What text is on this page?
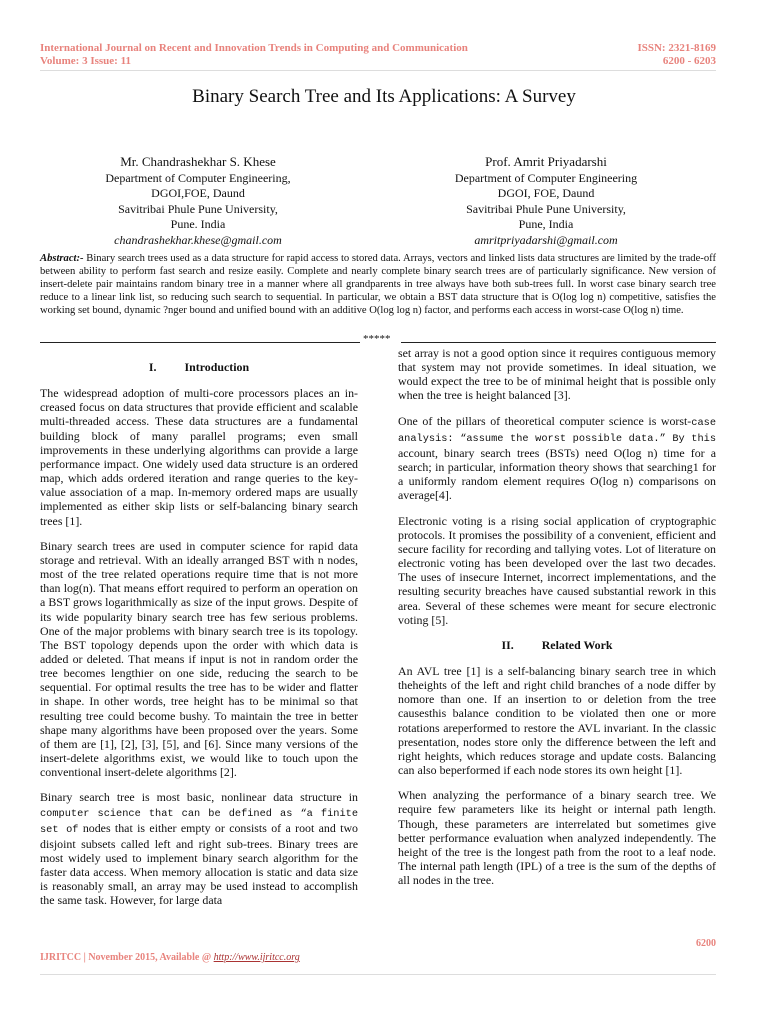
International Journal on Recent and Innovation Trends in Computing and Communication	ISSN: 2321-8169
Volume: 3 Issue: 11	6200 - 6203
Binary Search Tree and Its Applications: A Survey
Mr. Chandrashekhar S. Khese
Department of Computer Engineering,
DGOI,FOE, Daund
Savitribai Phule Pune University,
Pune. India
chandrashekhar.khese@gmail.com
Prof. Amrit Priyadarshi
Department of Computer Engineering
DGOI, FOE, Daund
Savitribai Phule Pune University,
Pune, India
amritpriyadarshi@gmail.com
Abstract:- Binary search trees used as a data structure for rapid access to stored data. Arrays, vectors and linked lists data structures are limited by the trade-off between ability to perform fast search and resize easily. Complete and nearly complete binary search trees are of particularly significance. New version of insert-delete pair maintains random binary tree in a manner where all grandparents in tree always have both sub-trees full. In worst case binary search tree reduce to a linear link list, so reducing such search to sequential. In particular, we obtain a BST data structure that is O(log log n) competitive, satisfies the working set bound, dynamic ?nger bound and unified bound with an additive O(log log n) factor, and performs each access in worst-case O(log n) time.
*****
I. Introduction

The widespread adoption of multi-core processors places an in- creased focus on data structures that provide efficient and scalable multi-threaded access. These data structures are a fundamental building block of many parallel programs; even small improvements in these underlying algorithms can provide a large performance impact. One widely used data structure is an ordered map, which adds ordered iteration and range queries to the key-value association of a map. In-memory ordered maps are usually implemented as either skip lists or self-balancing binary search trees [1].

Binary search trees are used in computer science for rapid data storage and retrieval. With an ideally arranged BST with n nodes, most of the tree related operations require time that is not more than log(n). That means effort required to perform an operation on a BST grows logarithmically as size of the input grows. Despite of its wide popularity binary search tree has few serious problems. One of the major problems with binary search tree is its topology. The BST topology depends upon the order with which data is added or deleted. That means if input is not in random order the tree becomes lengthier on one side, reducing the search to be sequential. For optimal results the tree has to be wider and flatter in shape. In other words, tree height has to be minimal so that resulting tree could become bushy. To maintain the tree in better shape many algorithms have been proposed over the years. Some of them are [1], [2], [3], [5], and [6]. Since many versions of the insert-delete algorithms exist, we would like to touch upon the conventional insert-delete algorithms [2].

Binary search tree is most basic, nonlinear data structure in computer science that can be defined as “a finite set of nodes that is either empty or consists of a root and two disjoint subsets called left and right sub-trees. Binary trees are most widely used to implement binary search algorithm for the faster data access. When memory allocation is static and data size is reasonably small, an array may be used instead to accomplish the same task. However, for large data

set array is not a good option since it requires contiguous memory that system may not provide sometimes. In ideal situation, we would expect the tree to be of minimal height that is possible only when the tree is height balanced [3].

One of the pillars of theoretical computer science is worst-case analysis: “assume the worst possible data.” By this account, binary search trees (BSTs) need O(log n) time for a search; in particular, information theory shows that searching1 for a uniformly random element requires O(log n) comparisons on average[4].

Electronic voting is a rising social application of cryptographic protocols. It promises the possibility of a convenient, efficient and secure facility for recording and tallying votes. Lot of literature on electronic voting has been developed over the last two decades. The uses of insecure Internet, incorrect implementations, and the resulting security breaches have caused substantial rework in this area. Several of these schemes were meant for secure electronic voting [5].

II. Related Work

An AVL tree [1] is a self-balancing binary search tree in which theheights of the left and right child branches of a node differ by nomore than one. If an insertion to or deletion from the tree causesthis balance condition to be violated then one or more rotations areperformed to restore the AVL invariant. In the classic presentation, nodes store only the difference between the left and right heights, which reduces storage and update costs. Balancing can also beperformed if each node stores its own height [1].

When analyzing the performance of a binary search tree. We require few parameters like its height or internal path length. Though, these parameters are interrelated but sometimes give better performance evaluation when analyzed independently. The height of the tree is the longest path from the root to a leaf node. The internal path length (IPL) of a tree is the sum of the depths of all nodes in the tree.

6200
IJRITCC | November 2015, Available @ http://www.ijritcc.org
